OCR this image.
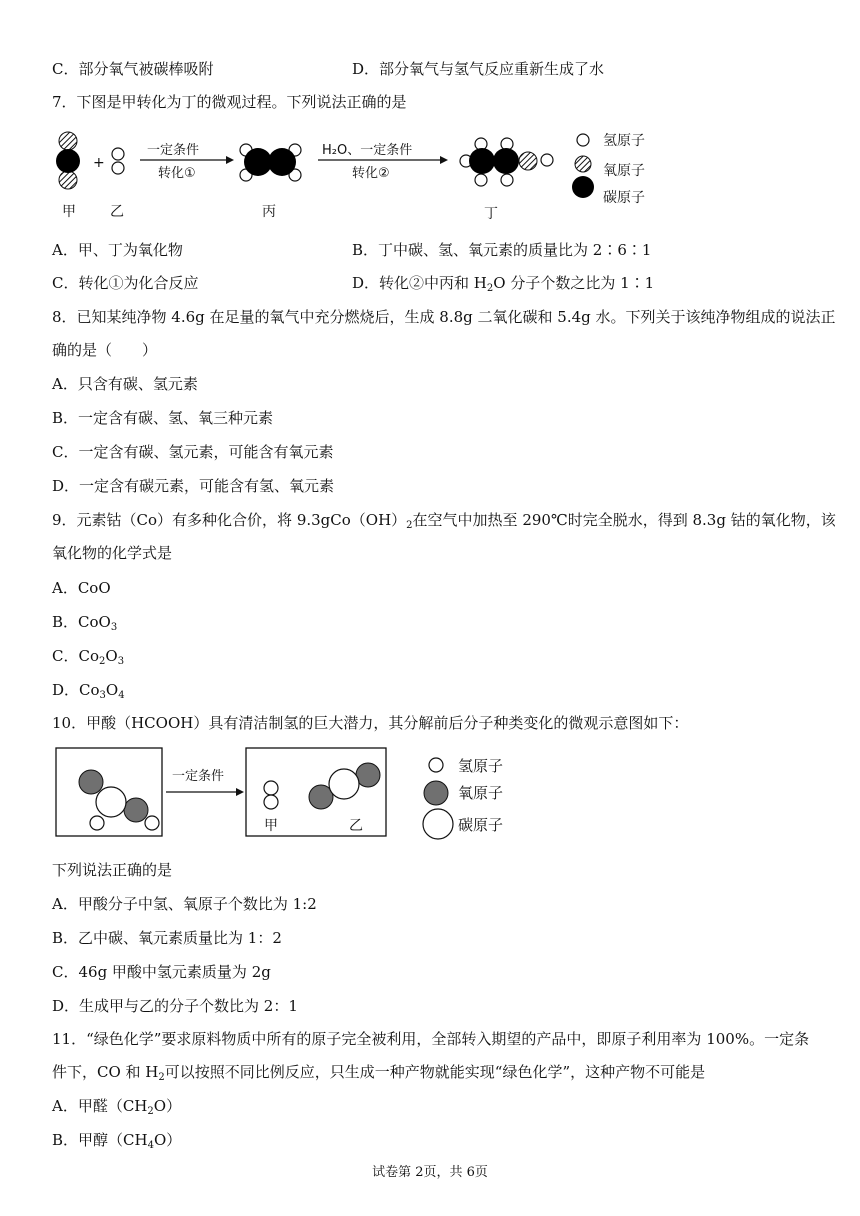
C．部分氧气被碳棒吸附	D．部分氧气与氢气反应重新生成了水
7．下图是甲转化为丁的微观过程。下列说法正确的是
+
一定条件
转化①
H₂O、一定条件
转化②
甲 乙	丙	丁
氢原子
氧原子
碳原子
A．甲、丁为氧化物	B．丁中碳、氢、氧元素的质量比为 2∶6∶1
C．转化①为化合反应	D．转化②中丙和 $H_2O$ 分子个数之比为 1∶1
8．已知某纯净物 4.6g 在足量的氧气中充分燃烧后，生成 8.8g 二氧化碳和 5.4g 水。下列关于该纯净物组成的说法正
确的是（　　）
A．只含有碳、氢元素
B．一定含有碳、氢、氧三种元素
C．一定含有碳、氢元素，可能含有氧元素
D．一定含有碳元素，可能含有氢、氧元素
9．元素钴（Co）有多种化合价，将 $9.3gCo(OH)_2$在空气中加热至 290℃时完全脱水，得到 8.3g 钴的氧化物，该
氧化物的化学式是
A．CoO
B．CoO$_3$
C．$Co_2O_3$
D．$Co_3O_4$
10．甲酸（HCOOH）具有清洁制氢的巨大潜力，其分解前后分子种类变化的微观示意图如下：
一定条件
甲	乙
氢原子
氧原子
碳原子
下列说法正确的是
A．甲酸分子中氢、氧原子个数比为 1:2
B．乙中碳、氧元素质量比为 1：2
C．46g 甲酸中氢元素质量为 2g
D．生成甲与乙的分子个数比为 2：1
11．“绿色化学”要求原料物质中所有的原子完全被利用，全部转入期望的产品中，即原子利用率为 100%。一定条
件下，CO 和 $H_2$可以按照不同比例反应，只生成一种产物就能实现“绿色化学”，这种产物不可能是
A．甲醛$(CH_2O)$
B．甲醇$(CH_4O)$
试卷第 2页，共 6页
